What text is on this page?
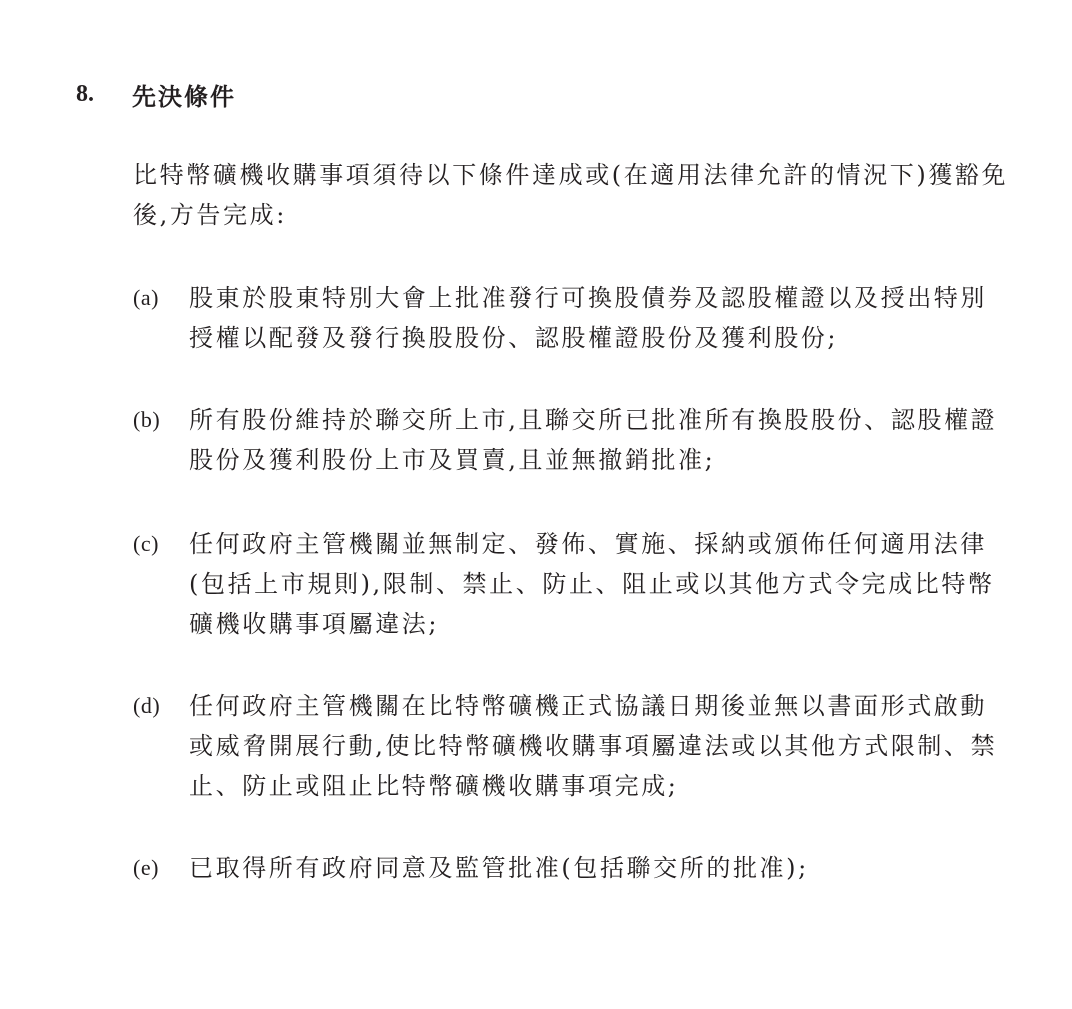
8.	先決條件
比特幣礦機收購事項須待以下條件達成或(在適用法律允許的情況下)獲豁免後,方告完成:
(a)	股東於股東特別大會上批准發行可換股債券及認股權證以及授出特別授權以配發及發行換股股份、認股權證股份及獲利股份;
(b)	所有股份維持於聯交所上市,且聯交所已批准所有換股股份、認股權證股份及獲利股份上市及買賣,且並無撤銷批准;
(c)	任何政府主管機關並無制定、發佈、實施、採納或頒佈任何適用法律(包括上市規則),限制、禁止、防止、阻止或以其他方式令完成比特幣礦機收購事項屬違法;
(d)	任何政府主管機關在比特幣礦機正式協議日期後並無以書面形式啟動或威脅開展行動,使比特幣礦機收購事項屬違法或以其他方式限制、禁止、防止或阻止比特幣礦機收購事項完成;
(e)	已取得所有政府同意及監管批准(包括聯交所的批准);
